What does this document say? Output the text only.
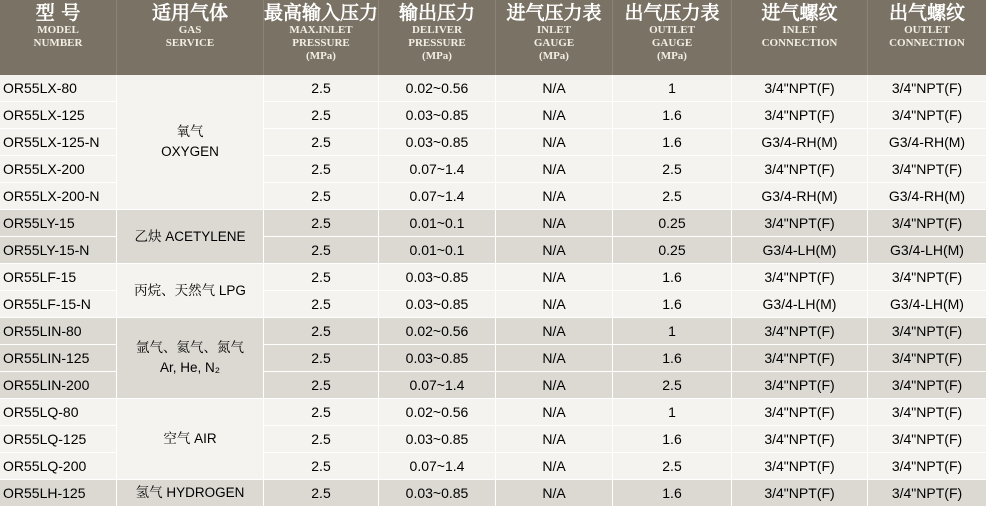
型 号
MODEL
NUMBER	适用气体
GAS
SERVICE	最高输入压力
MAX.INLET
PRESSURE
(MPa)	输出压力
DELIVER
PRESSURE
(MPa)	进气压力表
INLET
GAUGE
(MPa)	出气压力表
OUTLET
GAUGE
(MPa)	进气螺纹
INLET
CONNECTION	出气螺纹
OUTLET
CONNECTION

OR55LX-80	氧气
OXYGEN	2.5	0.02~0.56	N/A	1	3/4"NPT(F)	3/4"NPT(F)
OR55LX-125		2.5	0.03~0.85	N/A	1.6	3/4"NPT(F)	3/4"NPT(F)
OR55LX-125-N		2.5	0.03~0.85	N/A	1.6	G3/4-RH(M)	G3/4-RH(M)
OR55LX-200		2.5	0.07~1.4	N/A	2.5	3/4"NPT(F)	3/4"NPT(F)
OR55LX-200-N		2.5	0.07~1.4	N/A	2.5	G3/4-RH(M)	G3/4-RH(M)
OR55LY-15	乙炔 ACETYLENE	2.5	0.01~0.1	N/A	0.25	3/4"NPT(F)	3/4"NPT(F)
OR55LY-15-N		2.5	0.01~0.1	N/A	0.25	G3/4-LH(M)	G3/4-LH(M)
OR55LF-15	丙烷、天然气 LPG	2.5	0.03~0.85	N/A	1.6	3/4"NPT(F)	3/4"NPT(F)
OR55LF-15-N		2.5	0.03~0.85	N/A	1.6	G3/4-LH(M)	G3/4-LH(M)
OR55LIN-80	氩气、氦气、氮气
Ar, He, N₂	2.5	0.02~0.56	N/A	1	3/4"NPT(F)	3/4"NPT(F)
OR55LIN-125		2.5	0.03~0.85	N/A	1.6	3/4"NPT(F)	3/4"NPT(F)
OR55LIN-200		2.5	0.07~1.4	N/A	2.5	3/4"NPT(F)	3/4"NPT(F)
OR55LQ-80	空气 AIR	2.5	0.02~0.56	N/A	1	3/4"NPT(F)	3/4"NPT(F)
OR55LQ-125		2.5	0.03~0.85	N/A	1.6	3/4"NPT(F)	3/4"NPT(F)
OR55LQ-200		2.5	0.07~1.4	N/A	2.5	3/4"NPT(F)	3/4"NPT(F)
OR55LH-125	氢气 HYDROGEN	2.5	0.03~0.85	N/A	1.6	3/4"NPT(F)	3/4"NPT(F)
